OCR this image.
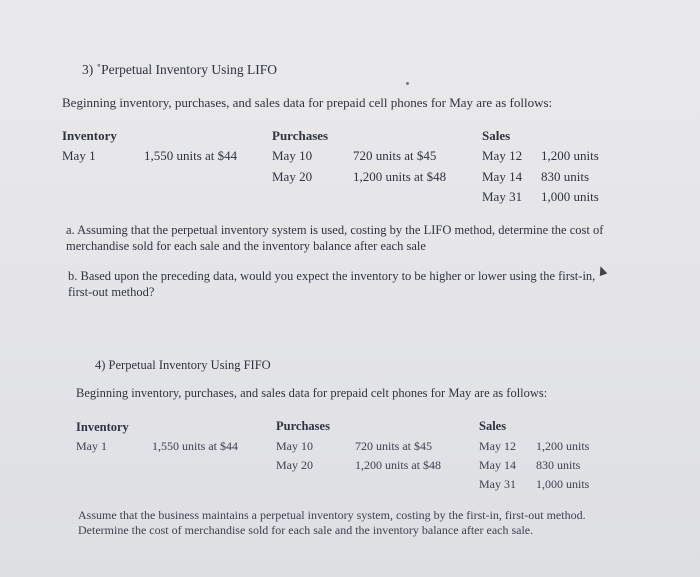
3) ˚Perpetual Inventory Using LIFO
Beginning inventory, purchases, and sales data for prepaid cell phones for May are as follows:
Inventory
May 1	1,550 units at $44
Purchases
May 10	720 units at $45
May 20	1,200 units at $48
Sales
May 12 1,200 units
May 14 830 units
May 31 1,000 units
a. Assuming that the perpetual inventory system is used, costing by the LIFO method, determine the cost of merchandise sold for each sale and the inventory balance after each sale
b. Based upon the preceding data, would you expect the inventory to be higher or lower using the first-in, first-out method?
4) Perpetual Inventory Using FIFO
Beginning inventory, purchases, and sales data for prepaid celt phones for May are as follows:
Inventory
May 1	1,550 units at $44
Purchases
May 10	720 units at $45
May 20	1,200 units at $48
Sales
May 12 1,200 units
May 14 830 units
May 31 1,000 units
Assume that the business maintains a perpetual inventory system, costing by the first-in, first-out method. Determine the cost of merchandise sold for each sale and the inventory balance after each sale.
